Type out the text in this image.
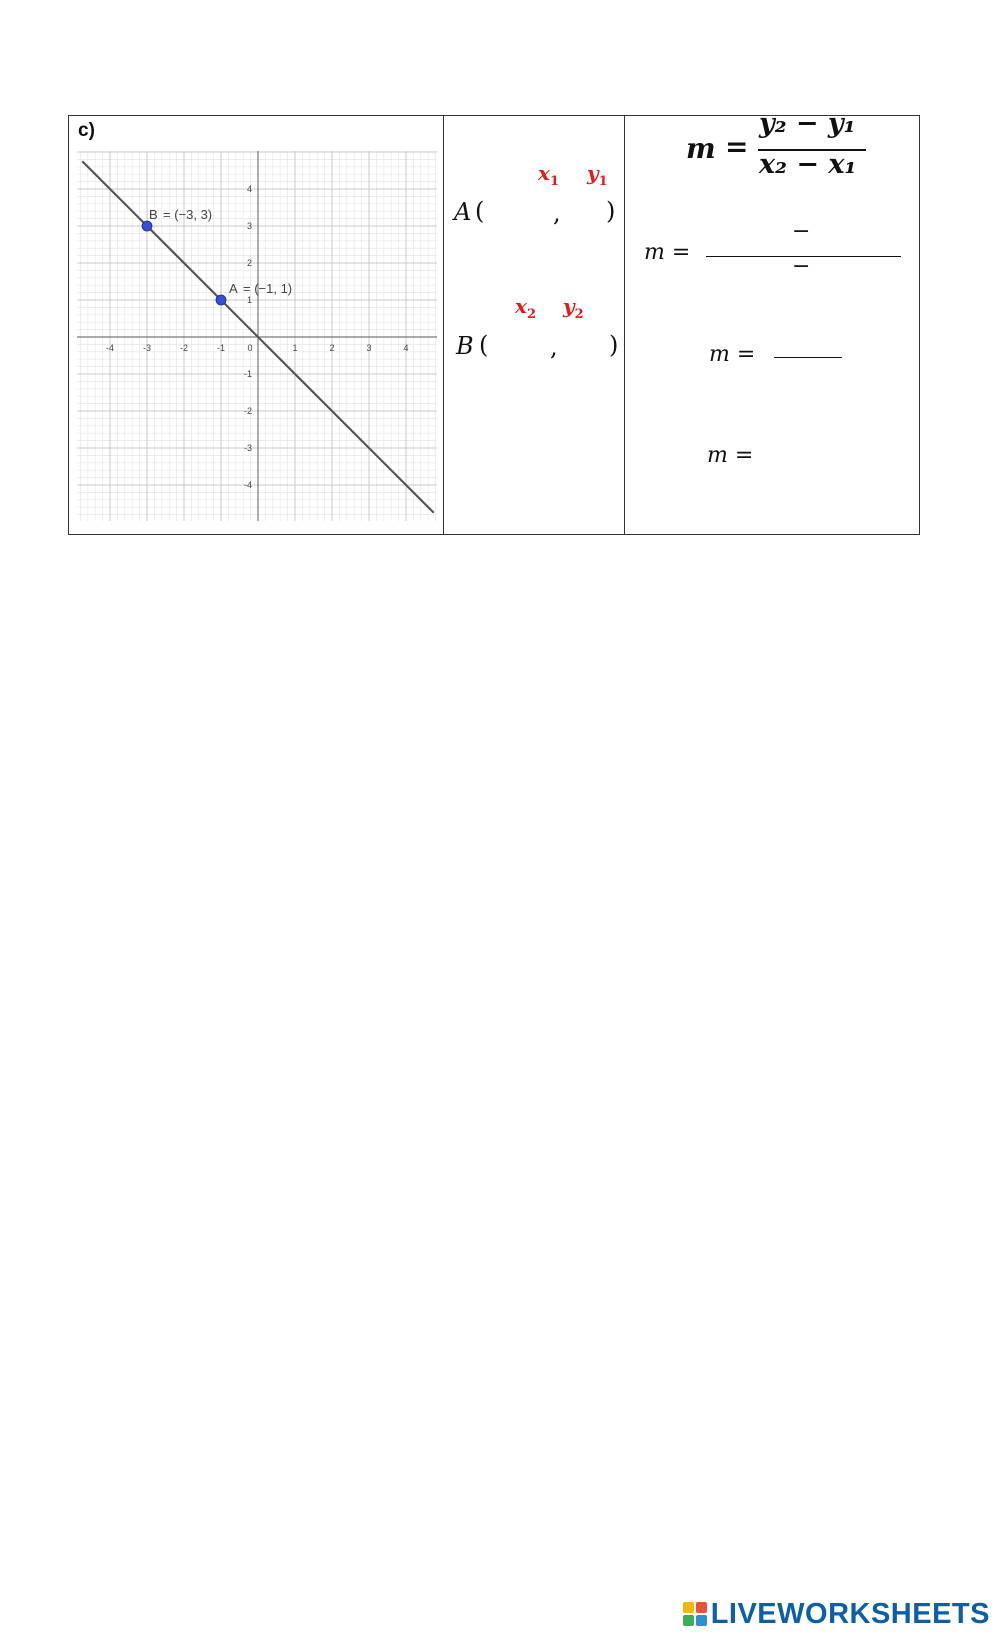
c)
-4	-3	-2	-1 0	1	2	3	4
4
3
2
1
-1
-2
-3
-4
B = (−3, 3)
A = (−1, 1)
$x_1$ $y_1$
A (	, )
$x_2$ $y_2$
B (	, )
m =
y₂ − y₁
x₂ − x₁
m =
−
−
m =
m =
LIVEWORKSHEETS
